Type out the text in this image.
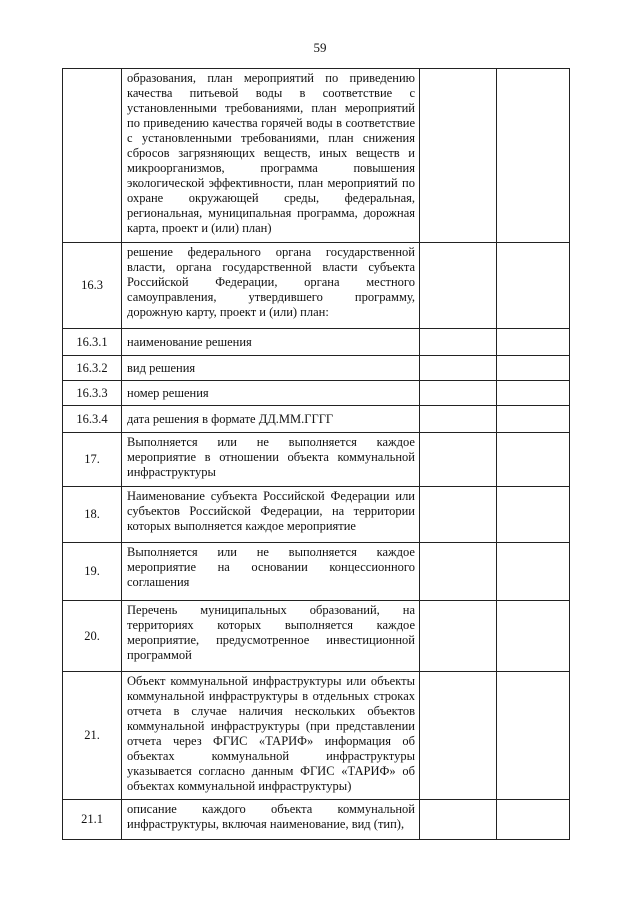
59
	образования, план мероприятий по приведению качества питьевой воды в соответствие с установленными требованиями, план мероприятий по приведению качества горячей воды в соответствие с установленными требованиями, план снижения сбросов загрязняющих веществ, иных веществ и микроорганизмов, программа повышения экологической эффективности, план мероприятий по охране окружающей среды, федеральная, региональная, муниципальная программа, дорожная карта, проект и (или) план)		
16.3	решение федерального органа государственной власти, органа государственной власти субъекта Российской Федерации, органа местного самоуправления, утвердившего программу, дорожную карту, проект и (или) план:		
16.3.1	наименование решения		
16.3.2	вид решения		
16.3.3	номер решения		
16.3.4	дата решения в формате ДД.ММ.ГГГГ		
17.	Выполняется или не выполняется каждое мероприятие в отношении объекта коммунальной инфраструктуры		
18.	Наименование субъекта Российской Федерации или субъектов Российской Федерации, на территории которых выполняется каждое мероприятие		
19.	Выполняется или не выполняется каждое мероприятие на основании концессионного соглашения		
20.	Перечень муниципальных образований, на территориях которых выполняется каждое мероприятие, предусмотренное инвестиционной программой		
21.	Объект коммунальной инфраструктуры или объекты коммунальной инфраструктуры в отдельных строках отчета в случае наличия нескольких объектов коммунальной инфраструктуры (при представлении отчета через ФГИС «ТАРИФ» информация об объектах коммунальной инфраструктуры указывается согласно данным ФГИС «ТАРИФ» об объектах коммунальной инфраструктуры)		
21.1	описание каждого объекта коммунальной инфраструктуры, включая наименование, вид (тип),		
